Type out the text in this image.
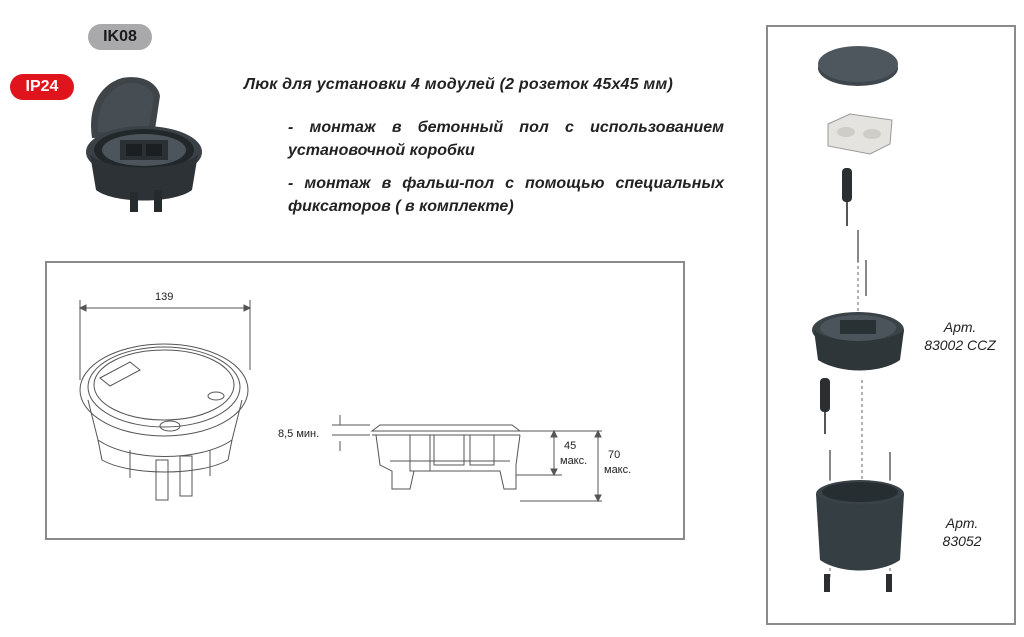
IK08
IP24	Люк для установки 4 модулей (2 розеток 45х45 мм)
- монтаж в бетонный пол с использованием установочной коробки
- монтаж в фальш-пол с помощью специальных фиксаторов ( в комплекте)
139
8,5 мин.
45
макс. 70
макс.
Арт.
83002 CCZ
Арт.
83052
